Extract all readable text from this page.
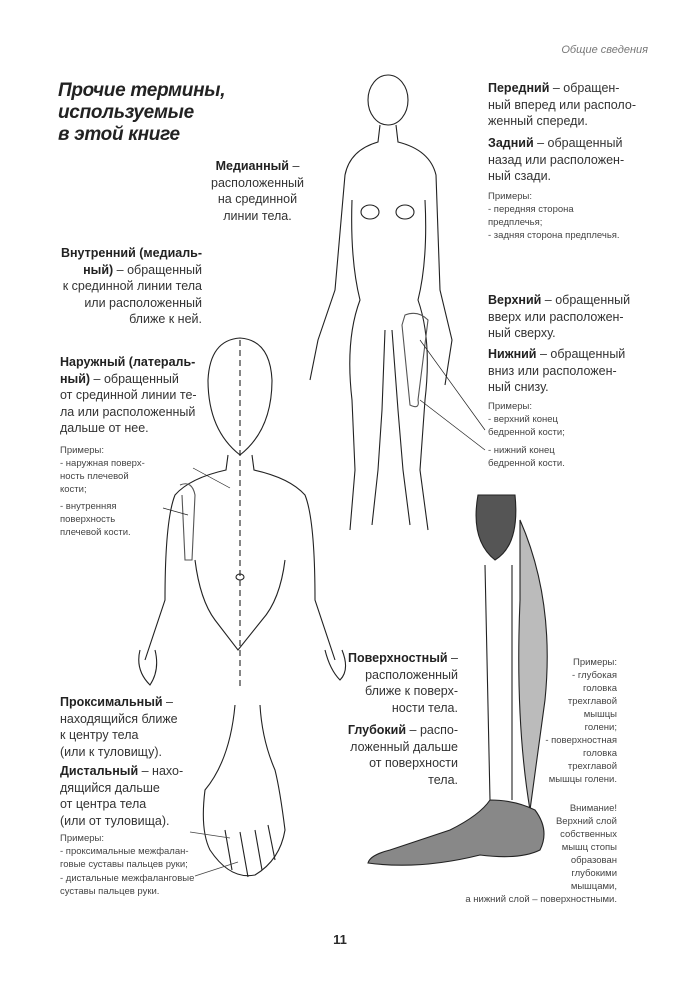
Общие сведения
Прочие термины,
используемые
в этой книге
Медианный –
расположенный
на срединной
линии тела.
Внутренний (медиаль-
ный) – обращенный
к срединной линии тела
или расположенный
ближе к ней.
Наружный (латераль-
ный) – обращенный
от срединной линии те-
ла или расположенный
дальше от нее.
Примеры:
- наружная поверх-
ность плечевой
кости;
- внутренняя
поверхность
плечевой кости.
Передний – обращен-
ный вперед или располо-
женный спереди.
Задний – обращенный
назад или расположен-
ный сзади.
Примеры:
- передняя сторона
предплечья;
- задняя сторона предплечья.
Верхний – обращенный
вверх или расположен-
ный сверху.
Нижний – обращенный
вниз или расположен-
ный снизу.
Примеры:
- верхний конец
бедренной кости;
- нижний конец
бедренной кости.
Проксимальный –
находящийся ближе
к центру тела
(или к туловищу).
Дистальный – нахо-
дящийся дальше
от центра тела
(или от туловища).
Примеры:
- проксимальные межфалан-
говые суставы пальцев руки;
- дистальные межфаланговые
суставы пальцев руки.
Поверхностный –
расположенный
ближе к поверх-
ности тела.
Глубокий – распо-
ложенный дальше
от поверхности
тела.
Примеры:
- глубокая
головка
трехглавой
мышцы
голени;
- поверхностная
головка
трехглавой
мышцы голени.
Внимание!
Верхний слой
собственных
мышц стопы
образован
глубокими
мышцами,
а нижний слой – поверхностными.
11
